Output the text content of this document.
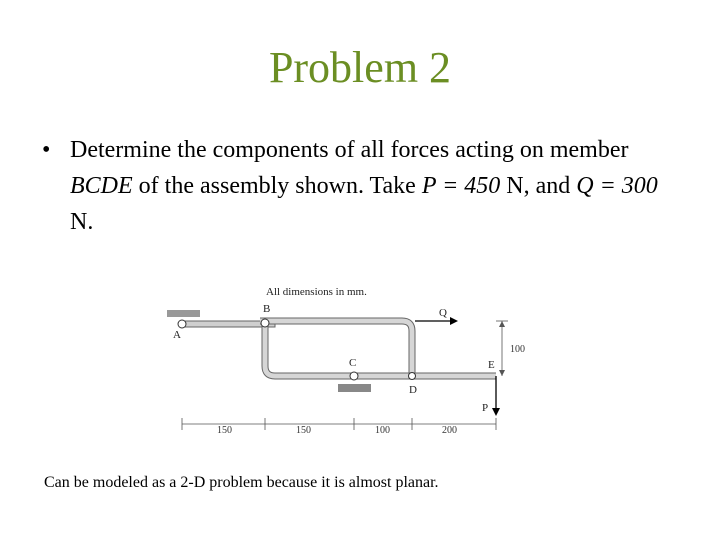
Problem 2
• Determine the components of all forces acting on member BCDE of the assembly shown. Take P = 450 N, and Q = 300 N.
All dimensions in mm.
A
B
C
D
E
P
Q
100
150	150	100	200
Can be modeled as a 2-D problem because it is almost planar.
